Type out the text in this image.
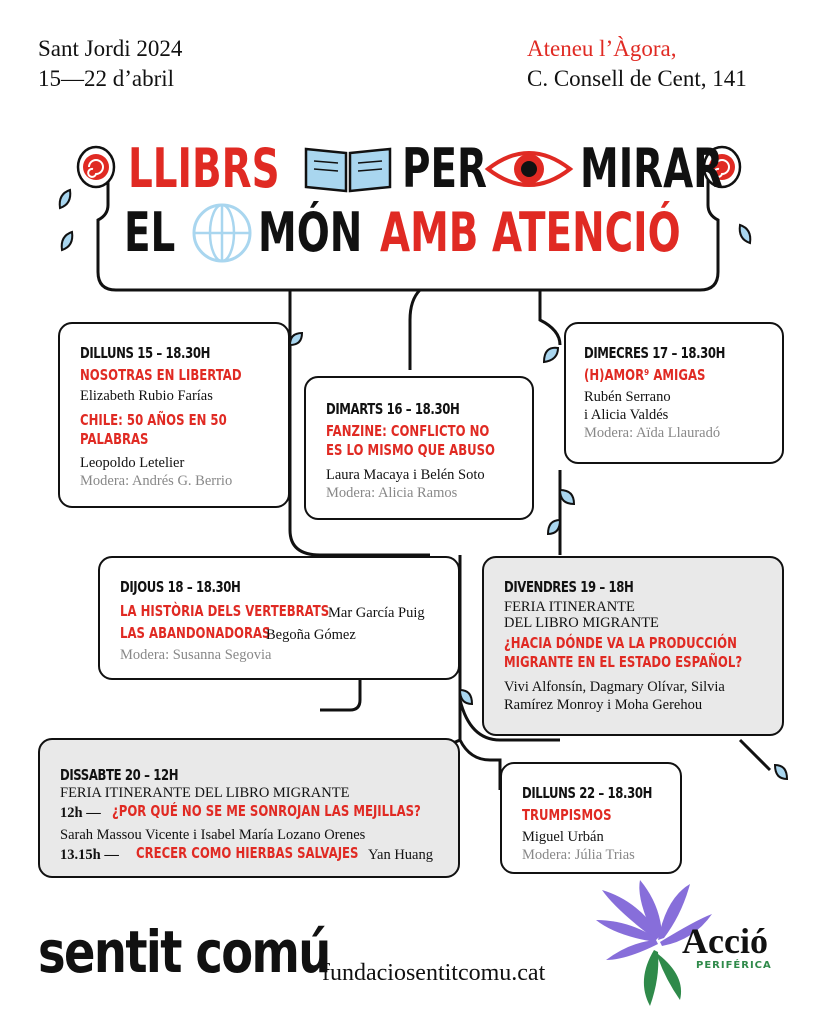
Sant Jordi 2024
15—22 d’abril
Ateneu l’Àgora,
C. Consell de Cent, 141
LLIBRS PER MIRAR
EL MÓN AMB ATENCIÓ
DILLUNS 15 – 18.30H
NOSOTRAS EN LIBERTAD
Elizabeth Rubio Farías
CHILE: 50 AÑOS EN 50
PALABRAS
Leopoldo Letelier
Modera: Andrés G. Berrio
DIMARTS 16 – 18.30H
FANZINE: CONFLICTO NO
ES LO MISMO QUE ABUSO
Laura Macaya i Belén Soto
Modera: Alicia Ramos
DIMECRES 17 – 18.30H
(H)AMOR⁹ AMIGAS
Rubén Serrano
i Alicia Valdés
Modera: Aïda Llauradó
DIJOUS 18 – 18.30H
LA HISTÒRIA DELS VERTEBRATS
Mar García Puig
LAS ABANDONADORAS
Begoña Gómez
Modera: Susanna Segovia
DIVENDRES 19 – 18H
FERIA ITINERANTE
DEL LIBRO MIGRANTE
¿HACIA DÓNDE VA LA PRODUCCIÓN
MIGRANTE EN EL ESTADO ESPAÑOL?
Vivi Alfonsín, Dagmary Olívar, Silvia
Ramírez Monroy i Moha Gerehou
DISSABTE 20 – 12H
FERIA ITINERANTE DEL LIBRO MIGRANTE
12h — ¿POR QUÉ NO SE ME SONROJAN LAS MEJILLAS?
Sarah Massou Vicente i Isabel María Lozano Orenes
13.15h — CRECER COMO HIERBAS SALVAJES Yan Huang
DILLUNS 22 – 18.30H
TRUMPISMOS
Miguel Urbán
Modera: Júlia Trias
sentit comú
fundaciosentitcomu.cat
Acció
PERIFÉRICA
